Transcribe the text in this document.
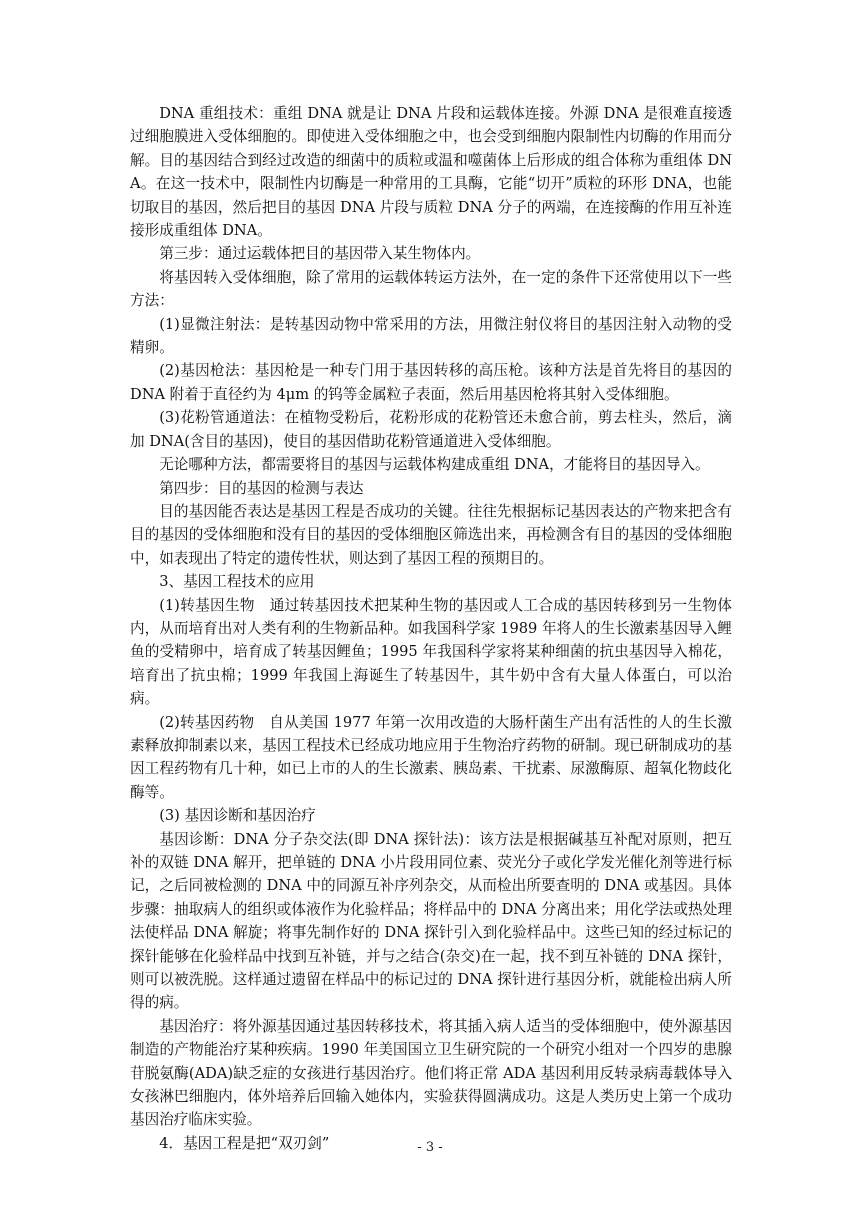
DNA 重组技术：重组 DNA 就是让 DNA 片段和运载体连接。外源 DNA 是很难直接透过细胞膜进入受体细胞的。即使进入受体细胞之中，也会受到细胞内限制性内切酶的作用而分解。目的基因结合到经过改造的细菌中的质粒或温和噬菌体上后形成的组合体称为重组体 DNA。在这一技术中，限制性内切酶是一种常用的工具酶，它能“切开”质粒的环形 DNA，也能切取目的基因，然后把目的基因 DNA 片段与质粒 DNA 分子的两端，在连接酶的作用互补连接形成重组体 DNA。

第三步：通过运载体把目的基因带入某生物体内。

将基因转入受体细胞，除了常用的运载体转运方法外，在一定的条件下还常使用以下一些方法：

(1)显微注射法：是转基因动物中常采用的方法，用微注射仪将目的基因注射入动物的受精卵。

(2)基因枪法：基因枪是一种专门用于基因转移的高压枪。该种方法是首先将目的基因的 DNA 附着于直径约为 4μm 的钨等金属粒子表面，然后用基因枪将其射入受体细胞。

(3)花粉管通道法：在植物受粉后，花粉形成的花粉管还未愈合前，剪去柱头，然后，滴加 DNA(含目的基因)，使目的基因借助花粉管通道进入受体细胞。

无论哪种方法，都需要将目的基因与运载体构建成重组 DNA，才能将目的基因导入。

第四步：目的基因的检测与表达

目的基因能否表达是基因工程是否成功的关键。往往先根据标记基因表达的产物来把含有目的基因的受体细胞和没有目的基因的受体细胞区筛选出来，再检测含有目的基因的受体细胞中，如表现出了特定的遗传性状，则达到了基因工程的预期目的。

3、基因工程技术的应用

(1)转基因生物　通过转基因技术把某种生物的基因或人工合成的基因转移到另一生物体内，从而培育出对人类有利的生物新品种。如我国科学家 1989 年将人的生长激素基因导入鲤鱼的受精卵中，培育成了转基因鲤鱼；1995 年我国科学家将某种细菌的抗虫基因导入棉花，培育出了抗虫棉；1999 年我国上海诞生了转基因牛，其牛奶中含有大量人体蛋白，可以治病。

(2)转基因药物　自从美国 1977 年第一次用改造的大肠杆菌生产出有活性的人的生长激素释放抑制素以来，基因工程技术已经成功地应用于生物治疗药物的研制。现已研制成功的基因工程药物有几十种，如已上市的人的生长激素、胰岛素、干扰素、尿激酶原、超氧化物歧化酶等。

(3) 基因诊断和基因治疗

基因诊断：DNA 分子杂交法(即 DNA 探针法)：该方法是根据碱基互补配对原则，把互补的双链 DNA 解开，把单链的 DNA 小片段用同位素、荧光分子或化学发光催化剂等进行标记，之后同被检测的 DNA 中的同源互补序列杂交，从而检出所要查明的 DNA 或基因。具体步骤：抽取病人的组织或体液作为化验样品；将样品中的 DNA 分离出来；用化学法或热处理法使样品 DNA 解旋；将事先制作好的 DNA 探针引入到化验样品中。这些已知的经过标记的探针能够在化验样品中找到互补链，并与之结合(杂交)在一起，找不到互补链的 DNA 探针，则可以被洗脱。这样通过遗留在样品中的标记过的 DNA 探针进行基因分析，就能检出病人所得的病。

基因治疗：将外源基因通过基因转移技术，将其插入病人适当的受体细胞中，使外源基因制造的产物能治疗某种疾病。1990 年美国国立卫生研究院的一个研究小组对一个四岁的患腺苷脱氨酶(ADA)缺乏症的女孩进行基因治疗。他们将正常 ADA 基因利用反转录病毒载体导入女孩淋巴细胞内，体外培养后回输入她体内，实验获得圆满成功。这是人类历史上第一个成功基因治疗临床实验。

4．基因工程是把“双刃剑”	- 3 -
